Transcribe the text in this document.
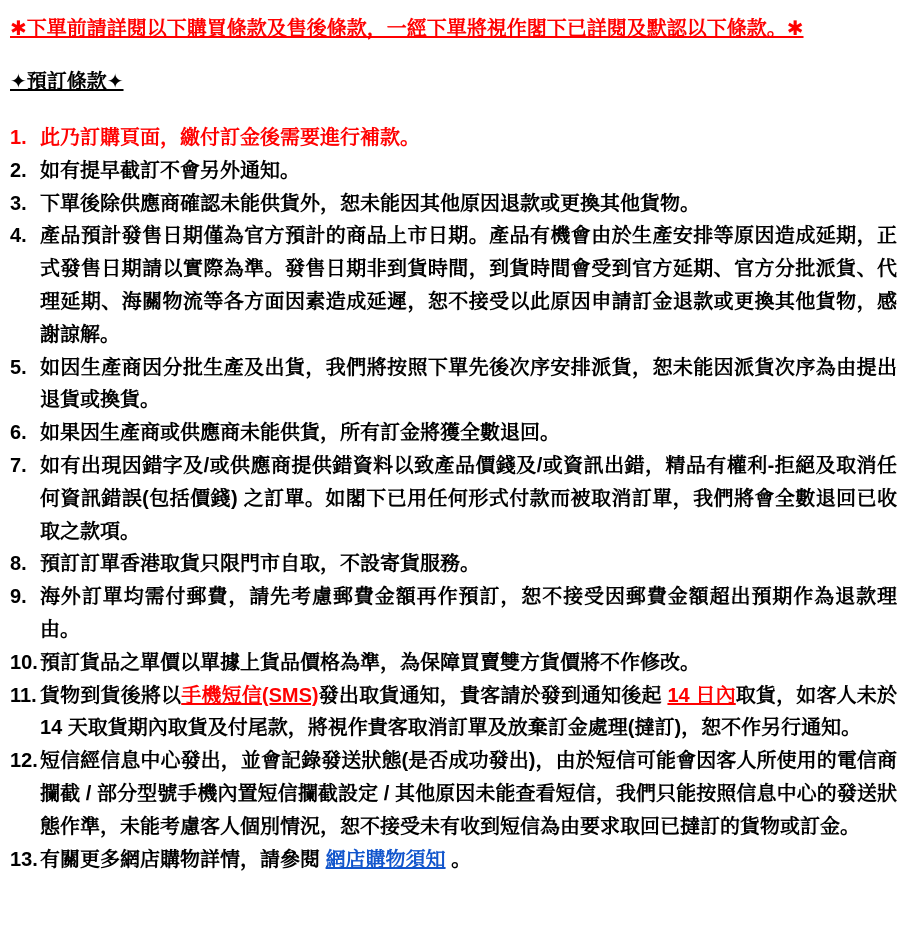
✱下單前請詳閱以下購買條款及售後條款，一經下單將視作閣下已詳閱及默認以下條款。✱
✦預訂條款✦
1. 此乃訂購頁面，繳付訂金後需要進行補款。
2. 如有提早截訂不會另外通知。
3. 下單後除供應商確認未能供貨外，恕未能因其他原因退款或更換其他貨物。
4. 產品預計發售日期僅為官方預計的商品上市日期。產品有機會由於生產安排等原因造成延期，正式發售日期請以實際為準。發售日期非到貨時間，到貨時間會受到官方延期、官方分批派貨、代理延期、海關物流等各方面因素造成延遲，恕不接受以此原因申請訂金退款或更換其他貨物，感謝諒解。
5. 如因生產商因分批生產及出貨，我們將按照下單先後次序安排派貨，恕未能因派貨次序為由提出退貨或換貨。
6. 如果因生產商或供應商未能供貨，所有訂金將獲全數退回。
7. 如有出現因錯字及/或供應商提供錯資料以致產品價錢及/或資訊出錯，精品有權利-拒絕及取消任何資訊錯誤(包括價錢) 之訂單。如閣下已用任何形式付款而被取消訂單，我們將會全數退回已收取之款項。
8. 預訂訂單香港取貨只限門市自取，不設寄貨服務。
9. 海外訂單均需付郵費，請先考慮郵費金額再作預訂，恕不接受因郵費金額超出預期作為退款理由。
10. 預訂貨品之單價以單據上貨品價格為準，為保障買賣雙方貨價將不作修改。
11. 貨物到貨後將以手機短信(SMS)發出取貨通知，貴客請於發到通知後起 14 日內取貨，如客人未於 14 天取貨期內取貨及付尾款，將視作貴客取消訂單及放棄訂金處理(撻訂)，恕不作另行通知。
12. 短信經信息中心發出，並會記錄發送狀態(是否成功發出)，由於短信可能會因客人所使用的電信商攔截 / 部分型號手機內置短信攔截設定 / 其他原因未能查看短信，我們只能按照信息中心的發送狀態作準，未能考慮客人個別情況，恕不接受未有收到短信為由要求取回已撻訂的貨物或訂金。
13. 有關更多網店購物詳情，請參閱 網店購物須知 。
